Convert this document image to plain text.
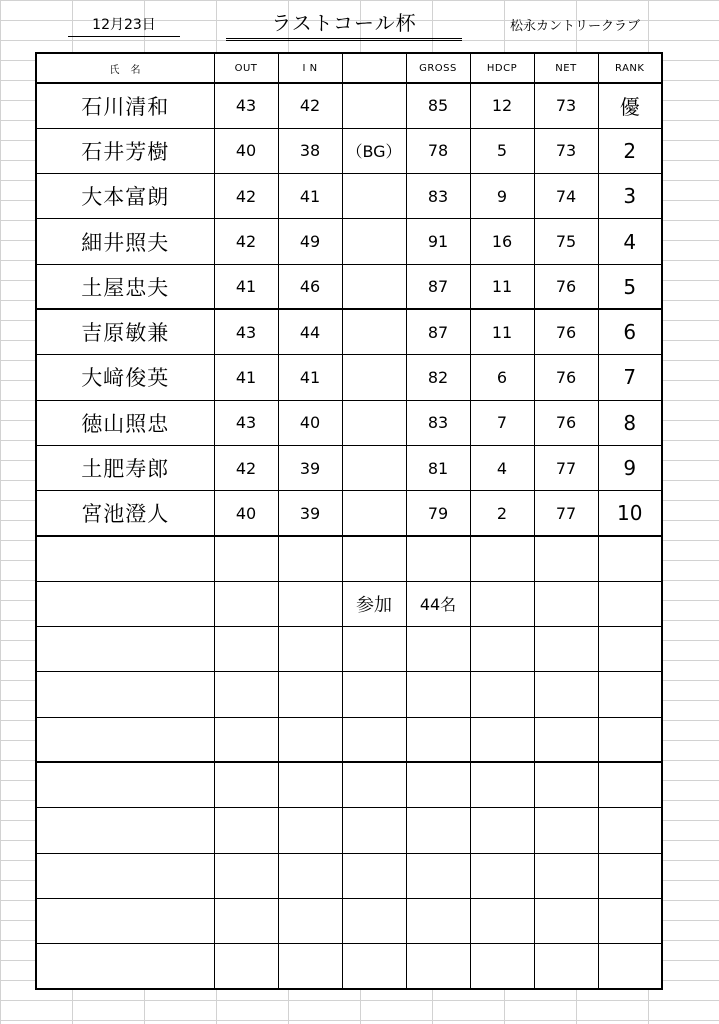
12月23日	ラストコール杯	松永カントリークラブ
氏　名	OUT	I N		GROSS	HDCP	NET	RANK
石川清和	43	42		85	12	73	優
石井芳樹	40	38	（BG）	78	5	73	2
大本富朗	42	41		83	9	74	3
細井照夫	42	49		91	16	75	4
土屋忠夫	41	46		87	11	76	5
吉原敏兼	43	44		87	11	76	6
大﨑俊英	41	41		82	6	76	7
徳山照忠	43	40		83	7	76	8
土肥寿郎	42	39		81	4	77	9
宮池澄人	40	39		79	2	77	10

			参加	44名			
